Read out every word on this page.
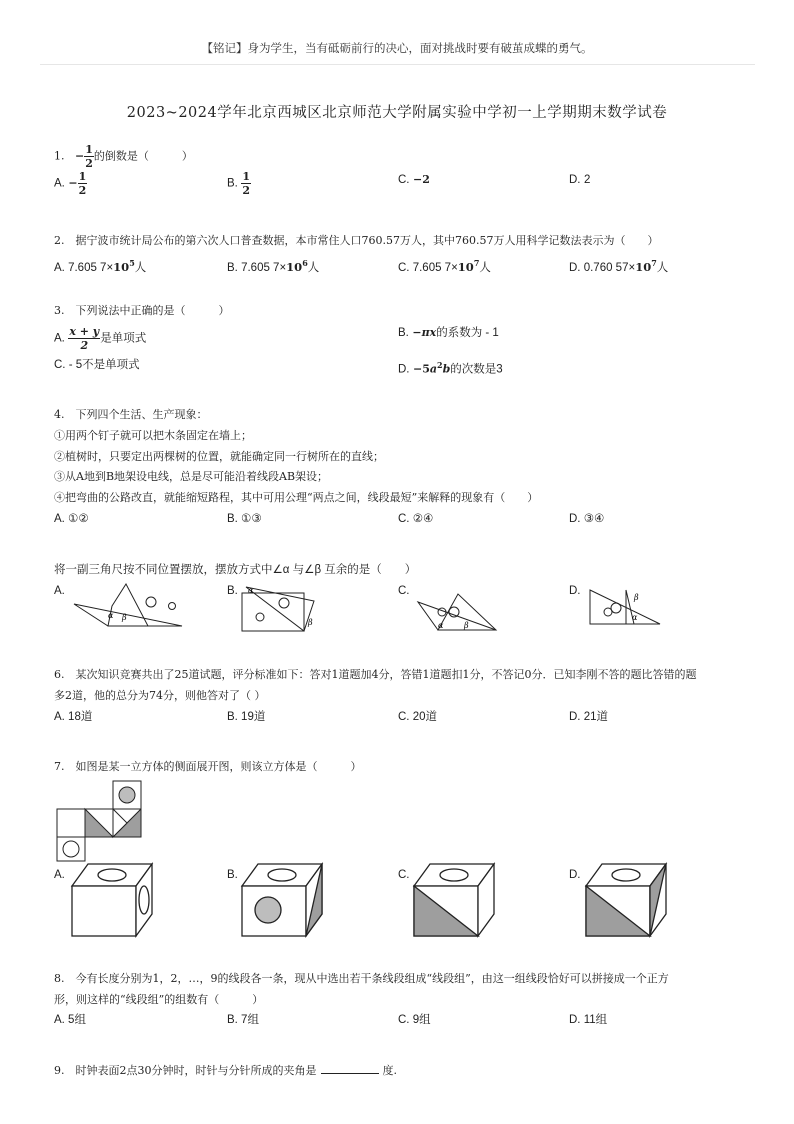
【铭记】身为学生，当有砥砺前行的决心，面对挑战时要有破茧成蝶的勇气。
2023~2024学年北京西城区北京师范大学附属实验中学初一上学期期末数学试卷
1. − $\frac{1}{2}$ 的倒数是（　　　）
A. − $\frac{1}{2}$	B. $\frac{1}{2}$	C. −2	D. 2
2.　据宁波市统计局公布的第六次人口普查数据，本市常住人口760.57万人，其中760.57万人用科学记数法表示为（　　）
A. 7.605 $7\times 10^5$人	B. 7.605 $7\times 10^6$人	C. 7.605 $7\times 10^7$人	D. 0.760 $57\times 10^7$人
3.　下列说法中正确的是（　　　）
A. $\frac{x + y}{2}$ 是单项式	B. −πx的系数为 - 1
C. - 5不是单项式	D. $-5a^2b$的次数是3
4.　下列四个生活、生产现象：
①用两个钉子就可以把木条固定在墙上；
②植树时，只要定出两棵树的位置，就能确定同一行树所在的直线；
③从A地到B地架设电线，总是尽可能沿着线段AB架设；
④把弯曲的公路改直，就能缩短路程，其中可用公理“两点之间，线段最短”来解释的现象有（　　）
A. ①②	B. ①③	C. ②④	D. ③④
将一副三角尺按不同位置摆放，摆放方式中∠α 与∠β 互余的是（　　）
A.	B.	C.	D.
α β
α
β	α	β
β
α
6.　某次知识竞赛共出了25道试题，评分标准如下：答对1道题加4分，答错1道题扣1分，不答记0分．已知李刚不答的题比答错的题
多2道，他的总分为74分，则他答对了（ ）
A. 18道	B. 19道	C. 20道	D. 21道
7.　如图是某一立方体的侧面展开图，则该立方体是（　　　）
A.	B.	C.	D.
8.　今有长度分别为1，2，…，9的线段各一条，现从中选出若干条线段组成“线段组”，由这一组线段恰好可以拼接成一个正方
形，则这样的“线段组”的组数有（　　　）
A. 5组	B. 7组	C. 9组	D. 11组
9.　时钟表面2点30分钟时，时针与分针所成的夹角是	度.
